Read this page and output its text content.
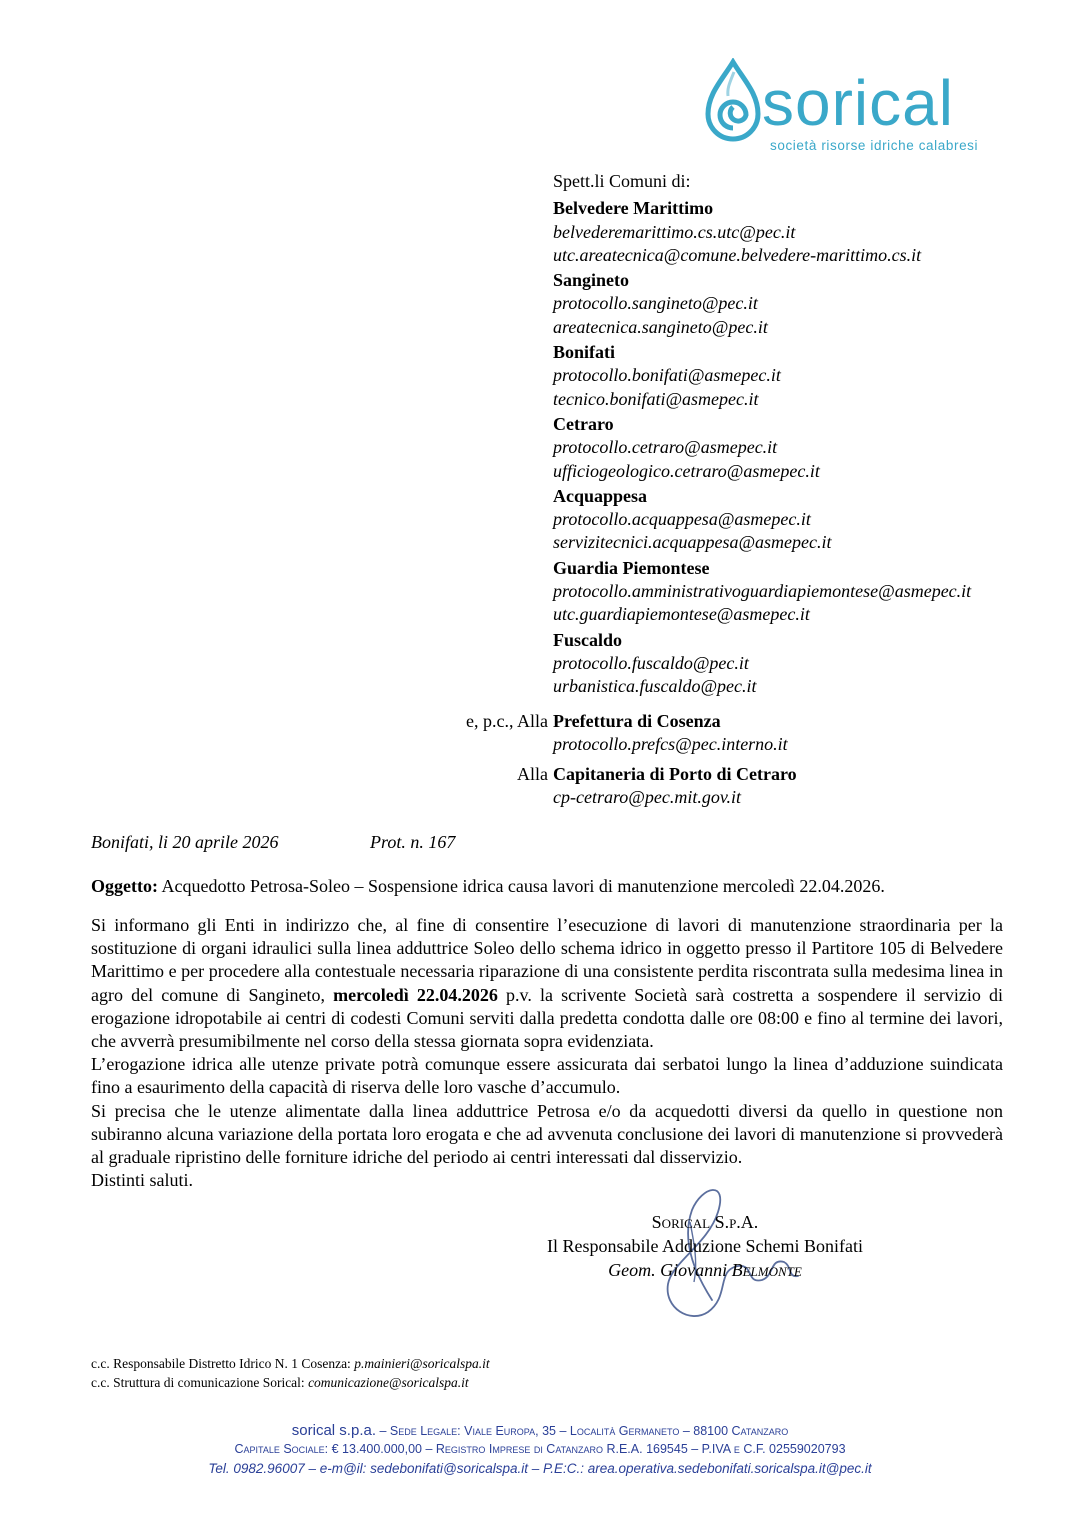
sorical
società risorse idriche calabresi
Spett.li Comuni di:
Belvedere Marittimo
belvederemarittimo.cs.utc@pec.it
utc.areatecnica@comune.belvedere-marittimo.cs.it
Sangineto
protocollo.sangineto@pec.it
areatecnica.sangineto@pec.it
Bonifati
protocollo.bonifati@asmepec.it
tecnico.bonifati@asmepec.it
Cetraro
protocollo.cetraro@asmepec.it
ufficiogeologico.cetraro@asmepec.it
Acquappesa
protocollo.acquappesa@asmepec.it
servizitecnici.acquappesa@asmepec.it
Guardia Piemontese
protocollo.amministrativoguardiapiemontese@asmepec.it
utc.guardiapiemontese@asmepec.it
Fuscaldo
protocollo.fuscaldo@pec.it
urbanistica.fuscaldo@pec.it
e, p.c., Alla Prefettura di Cosenza
protocollo.prefcs@pec.interno.it
Alla Capitaneria di Porto di Cetraro
cp-cetraro@pec.mit.gov.it
Bonifati, li 20 aprile 2026	Prot. n. 167
Oggetto: Acquedotto Petrosa-Soleo – Sospensione idrica causa lavori di manutenzione mercoledì 22.04.2026.

Si informano gli Enti in indirizzo che, al fine di consentire l’esecuzione di lavori di manutenzione straordinaria per la sostituzione di organi idraulici sulla linea adduttrice Soleo dello schema idrico in oggetto presso il Partitore 105 di Belvedere Marittimo e per procedere alla contestuale necessaria riparazione di una consistente perdita riscontrata sulla medesima linea in agro del comune di Sangineto, mercoledì 22.04.2026 p.v. la scrivente Società sarà costretta a sospendere il servizio di erogazione idropotabile ai centri di codesti Comuni serviti dalla predetta condotta dalle ore 08:00 e fino al termine dei lavori, che avverrà presumibilmente nel corso della stessa giornata sopra evidenziata.

L’erogazione idrica alle utenze private potrà comunque essere assicurata dai serbatoi lungo la linea d’adduzione suindicata fino a esaurimento della capacità di riserva delle loro vasche d’accumulo.

Si precisa che le utenze alimentate dalla linea adduttrice Petrosa e/o da acquedotti diversi da quello in questione non subiranno alcuna variazione della portata loro erogata e che ad avvenuta conclusione dei lavori di manutenzione si provvederà al graduale ripristino delle forniture idriche del periodo ai centri interessati dal disservizio.

Distinti saluti.

Sorical S.p.A.
Il Responsabile Adduzione Schemi Bonifati
Geom. Giovanni Belmonte
c.c. Responsabile Distretto Idrico N. 1 Cosenza: p.mainieri@soricalspa.it
c.c. Struttura di comunicazione Sorical: comunicazione@soricalspa.it
sorical s.p.a. – Sede Legale: Viale Europa, 35 – Località Germaneto – 88100 Catanzaro
Capitale Sociale: € 13.400.000,00 – Registro Imprese di Catanzaro R.E.A. 169545 – P.IVA e C.F. 02559020793
Tel. 0982.96007 – e-m@il: sedebonifati@soricalspa.it – P.E:C.: area.operativa.sedebonifati.soricalspa.it@pec.it
